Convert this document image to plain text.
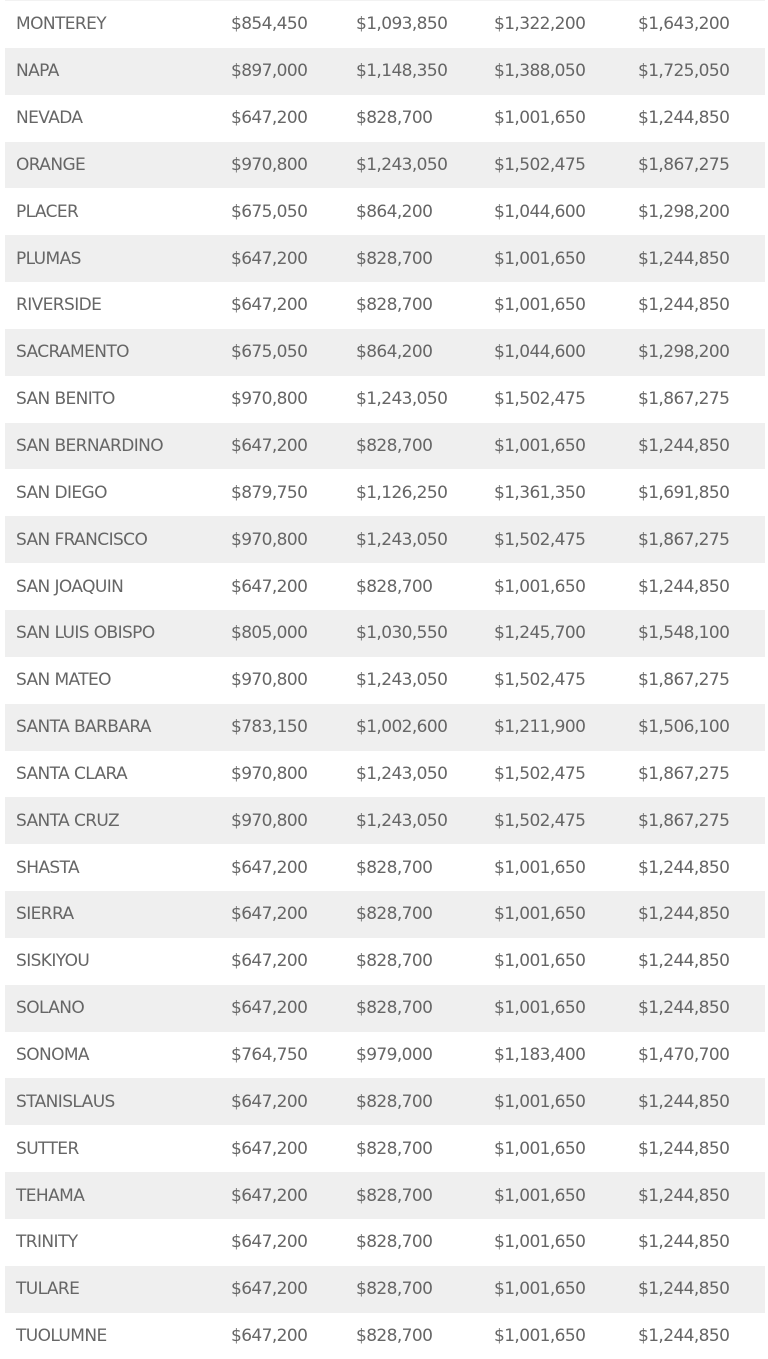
MONTEREY	$854,450	$1,093,850	$1,322,200	$1,643,200
NAPA	$897,000	$1,148,350	$1,388,050	$1,725,050
NEVADA	$647,200	$828,700	$1,001,650	$1,244,850
ORANGE	$970,800	$1,243,050	$1,502,475	$1,867,275
PLACER	$675,050	$864,200	$1,044,600	$1,298,200
PLUMAS	$647,200	$828,700	$1,001,650	$1,244,850
RIVERSIDE	$647,200	$828,700	$1,001,650	$1,244,850
SACRAMENTO	$675,050	$864,200	$1,044,600	$1,298,200
SAN BENITO	$970,800	$1,243,050	$1,502,475	$1,867,275
SAN BERNARDINO	$647,200	$828,700	$1,001,650	$1,244,850
SAN DIEGO	$879,750	$1,126,250	$1,361,350	$1,691,850
SAN FRANCISCO	$970,800	$1,243,050	$1,502,475	$1,867,275
SAN JOAQUIN	$647,200	$828,700	$1,001,650	$1,244,850
SAN LUIS OBISPO	$805,000	$1,030,550	$1,245,700	$1,548,100
SAN MATEO	$970,800	$1,243,050	$1,502,475	$1,867,275
SANTA BARBARA	$783,150	$1,002,600	$1,211,900	$1,506,100
SANTA CLARA	$970,800	$1,243,050	$1,502,475	$1,867,275
SANTA CRUZ	$970,800	$1,243,050	$1,502,475	$1,867,275
SHASTA	$647,200	$828,700	$1,001,650	$1,244,850
SIERRA	$647,200	$828,700	$1,001,650	$1,244,850
SISKIYOU	$647,200	$828,700	$1,001,650	$1,244,850
SOLANO	$647,200	$828,700	$1,001,650	$1,244,850
SONOMA	$764,750	$979,000	$1,183,400	$1,470,700
STANISLAUS	$647,200	$828,700	$1,001,650	$1,244,850
SUTTER	$647,200	$828,700	$1,001,650	$1,244,850
TEHAMA	$647,200	$828,700	$1,001,650	$1,244,850
TRINITY	$647,200	$828,700	$1,001,650	$1,244,850
TULARE	$647,200	$828,700	$1,001,650	$1,244,850
TUOLUMNE	$647,200	$828,700	$1,001,650	$1,244,850
